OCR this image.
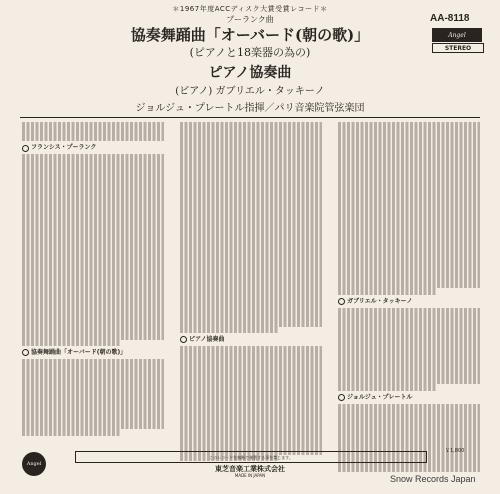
＊1967年度ACCディスク大賞受賞レコード＊
AA-8118
Angel
STEREO
プーランク曲
協奏舞踊曲「オーバード(朝の歌)」
(ピアノと18楽器の為の)
ピアノ協奏曲
(ピアノ) ガブリエル・タッキーノ
ジョルジュ・プレートル指揮／パリ音楽院管弦楽団
フランシス・プーランク
協奏舞踊曲「オーバード(朝の歌)」
ピアノ協奏曲
ガブリエル・タッキーノ
ジョルジュ・プレートル
Angel
このレコードを無断で複製する事を禁じます。
￥1,800
東芝音楽工業株式会社
MADE IN JAPAN	Snow Records Japan
